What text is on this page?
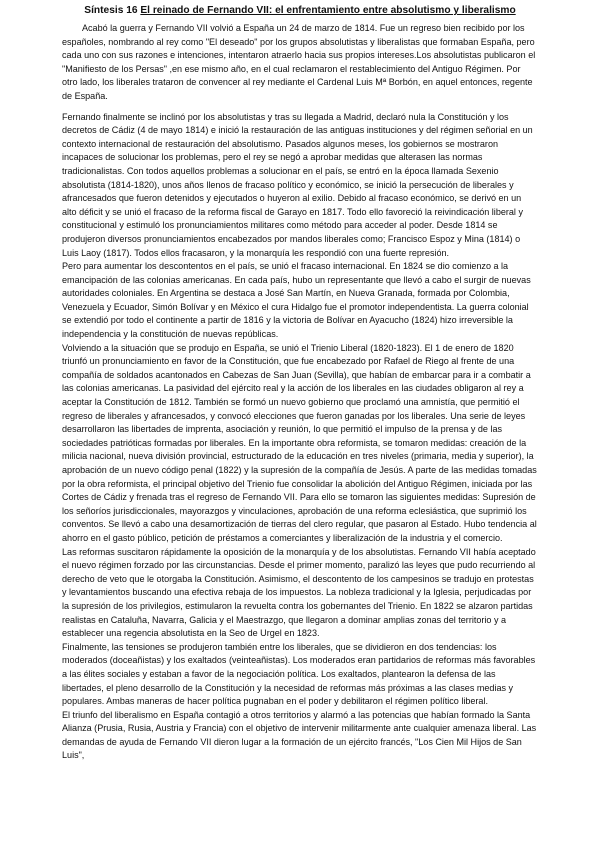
Síntesis 16 El reinado de Fernando VII: el enfrentamiento entre absolutismo y liberalismo

Acabó la guerra y Fernando VII volvió a España un 24 de marzo de 1814. Fue un regreso bien recibido por los españoles, nombrando al rey como "El deseado" por los grupos absolutistas y liberalistas que formaban España, pero cada uno con sus razones e intenciones, intentaron atraerlo hacia sus propios intereses.Los absolutistas publicaron el "Manifiesto de los Persas" ,en ese mismo año, en el cual reclamaron el restablecimiento del Antiguo Régimen. Por otro lado, los liberales trataron de convencer al rey mediante el Cardenal Luis Mª Borbón, en aquel entonces, regente de España.

Fernando finalmente se inclinó por los absolutistas y tras su llegada a Madrid, declaró nula la Constitución y los decretos de Cádiz (4 de mayo 1814) e inició la restauración de las antiguas instituciones y del régimen señorial en un contexto internacional de restauración del absolutismo. Pasados algunos meses, los gobiernos se mostraron incapaces de solucionar los problemas, pero el rey se negó a aprobar medidas que alterasen las normas tradicionalistas. Con todos aquellos problemas a solucionar en el país, se entró en la época llamada Sexenio absolutista (1814-1820), unos años llenos de fracaso político y económico, se inició la persecución de liberales y afrancesados que fueron detenidos y ejecutados o huyeron al exilio. Debido al fracaso económico, se derivó en un alto déficit y se unió el fracaso de la reforma fiscal de Garayo en 1817. Todo ello favoreció la reivindicación liberal y constitucional y estimuló los pronunciamientos militares como método para acceder al poder. Desde 1814 se produjeron diversos pronunciamientos encabezados por mandos liberales como; Francisco Espoz y Mina (1814) o Luis Laoy (1817). Todos ellos fracasaron, y la monarquía les respondió con una fuerte represión.

Pero para aumentar los descontentos en el país, se unió el fracaso internacional. En 1824 se dio comienzo a la emancipación de las colonias americanas. En cada país, hubo un representante que llevó a cabo el surgir de nuevas autoridades coloniales. En Argentina se destaca a José San Martín, en Nueva Granada, formada por Colombia, Venezuela y Ecuador, Simón Bolívar y en México el cura Hidalgo fue el promotor independentista. La guerra colonial se extendió por todo el continente a partir de 1816 y la victoria de Bolívar en Ayacucho (1824) hizo irreversible la independencia y la constitución de nuevas repúblicas.

Volviendo a la situación que se produjo en España, se unió el Trienio Liberal (1820-1823). El 1 de enero de 1820 triunfó un pronunciamiento en favor de la Constitución, que fue encabezado por Rafael de Riego al frente de una compañía de soldados acantonados en Cabezas de San Juan (Sevilla), que habían de embarcar para ir a combatir a las colonias americanas. La pasividad del ejército real y la acción de los liberales en las ciudades obligaron al rey a aceptar la Constitución de 1812. También se formó un nuevo gobierno que proclamó una amnistía, que permitió el regreso de liberales y afrancesados, y convocó elecciones que fueron ganadas por los liberales. Una serie de leyes desarrollaron las libertades de imprenta, asociación y reunión, lo que permitió el impulso de la prensa y de las sociedades patrióticas formadas por liberales. En la importante obra reformista, se tomaron medidas: creación de la milicia nacional, nueva división provincial, estructurado de la educación en tres niveles (primaria, media y superior), la aprobación de un nuevo código penal (1822) y la supresión de la compañía de Jesús. A parte de las medidas tomadas por la obra reformista, el principal objetivo del Trienio fue consolidar la abolición del Antiguo Régimen, iniciada por las Cortes de Cádiz y frenada tras el regreso de Fernando VII. Para ello se tomaron las siguientes medidas: Supresión de los señoríos jurisdiccionales, mayorazgos y vinculaciones, aprobación de una reforma eclesiástica, que suprimió los conventos. Se llevó a cabo una desamortización de tierras del clero regular, que pasaron al Estado. Hubo tendencia al ahorro en el gasto público, petición de préstamos a comerciantes y liberalización de la industria y el comercio.

Las reformas suscitaron rápidamente la oposición de la monarquía y de los absolutistas. Fernando VII había aceptado el nuevo régimen forzado por las circunstancias. Desde el primer momento, paralizó las leyes que pudo recurriendo al derecho de veto que le otorgaba la Constitución. Asimismo, el descontento de los campesinos se tradujo en protestas y levantamientos buscando una efectiva rebaja de los impuestos. La nobleza tradicional y la Iglesia, perjudicadas por la supresión de los privilegios, estimularon la revuelta contra los gobernantes del Trienio. En 1822 se alzaron partidas realistas en Cataluña, Navarra, Galicia y el Maestrazgo, que llegaron a dominar amplias zonas del territorio y a establecer una regencia absolutista en la Seo de Urgel en 1823.

Finalmente, las tensiones se produjeron también entre los liberales, que se dividieron en dos tendencias: los moderados (doceañistas) y los exaltados (veinteañistas). Los moderados eran partidarios de reformas más favorables a las élites sociales y estaban a favor de la negociación política. Los exaltados, plantearon la defensa de las libertades, el pleno desarrollo de la Constitución y la necesidad de reformas más próximas a las clases medias y populares. Ambas maneras de hacer política pugnaban en el poder y debilitaron el régimen político liberal.

El triunfo del liberalismo en España contagió a otros territorios y alarmó a las potencias que habían formado la Santa Alianza (Prusia, Rusia, Austria y Francia) con el objetivo de intervenir militarmente ante cualquier amenaza liberal. Las demandas de ayuda de Fernando VII dieron lugar a la formación de un ejército francés, "Los Cien Mil Hijos de San Luis",
